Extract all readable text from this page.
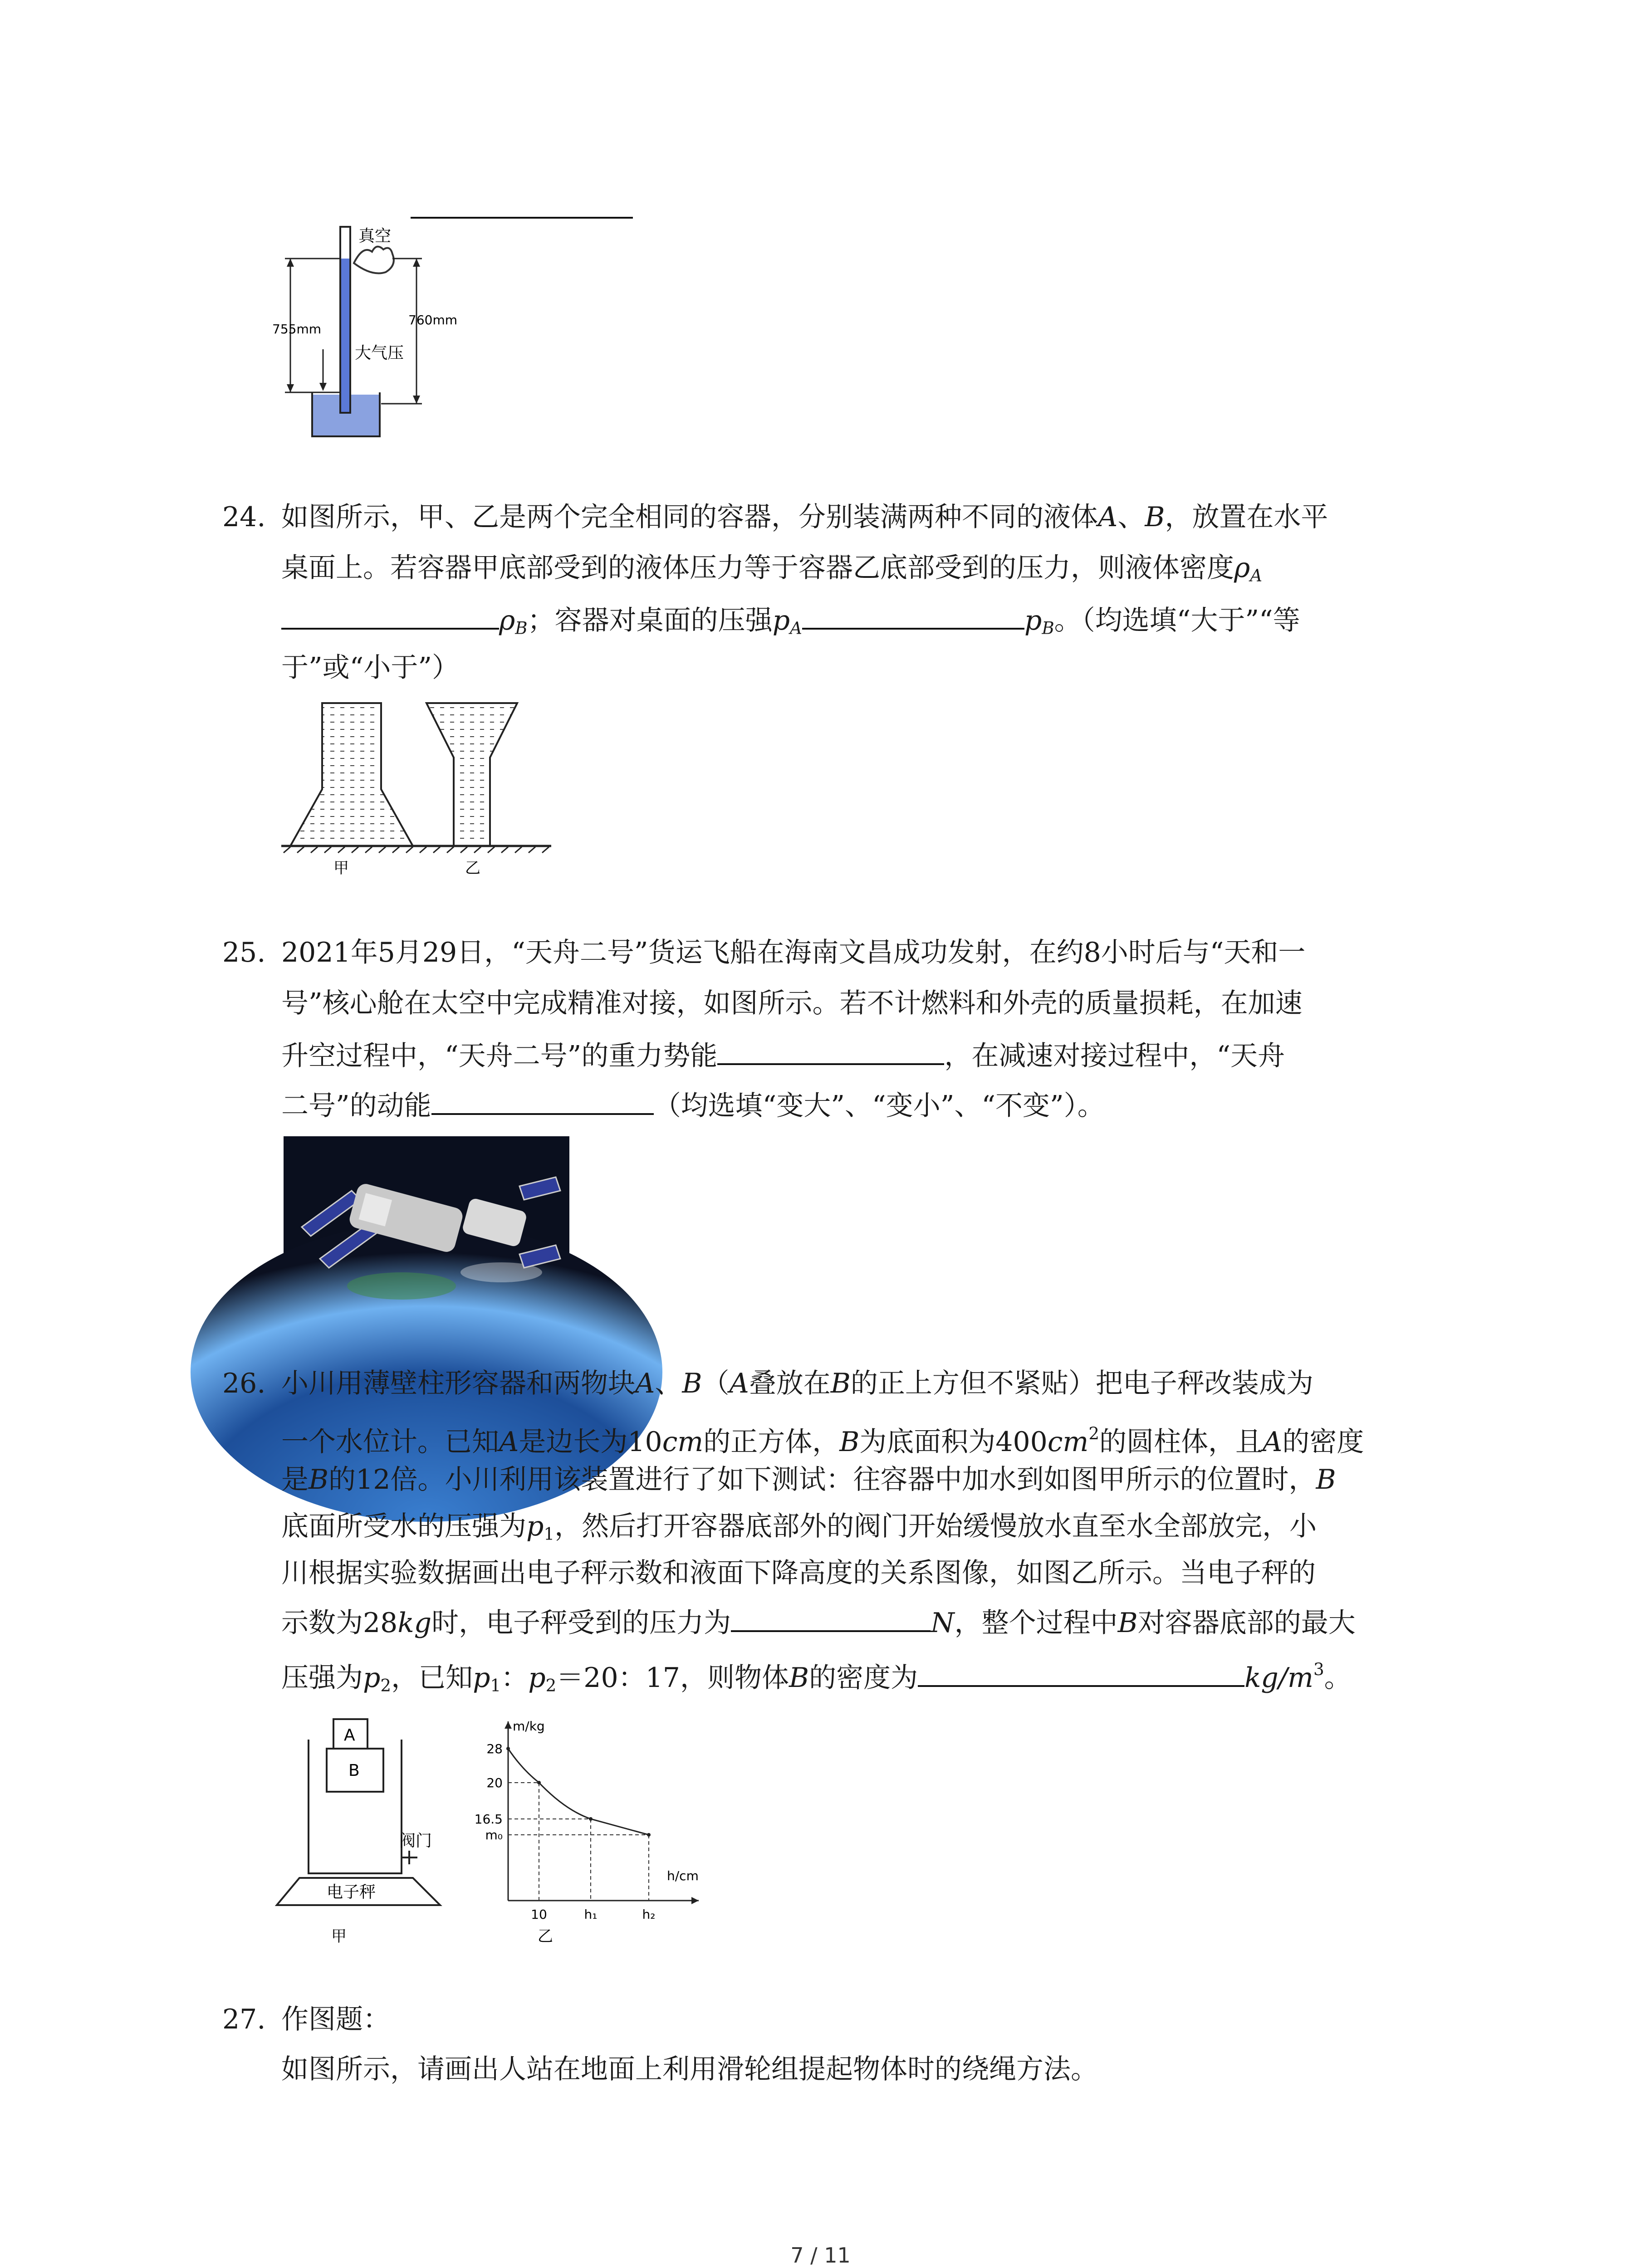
真空
755mm
760mm
大气压
24. 如图所示，甲、乙是两个完全相同的容器，分别装满两种不同的液体A、B，放置在水平
桌面上。若容器甲底部受到的液体压力等于容器乙底部受到的压力，则液体密度$\rho_A$
$\rho_B$；容器对桌面的压强$p_A$	$p_B$。（均选填“大于”“等
于”或“小于”）
甲	乙
25. 2021年5月29日，“天舟二号”货运飞船在海南文昌成功发射，在约8小时后与“天和一
号”核心舱在太空中完成精准对接，如图所示。若不计燃料和外壳的质量损耗，在加速
升空过程中，“天舟二号”的重力势能	，在减速对接过程中，“天舟
二号”的动能	（均选填“变大”、“变小”、“不变”）。
26. 小川用薄壁柱形容器和两物块A、B（A叠放在B的正上方但不紧贴）把电子秤改装成为
一个水位计。已知A是边长为10cm的正方体，B为底面积为$400cm^2$的圆柱体，且A的密度
是B的12倍。小川利用该装置进行了如下测试：往容器中加水到如图甲所示的位置时，B
底面所受水的压强为$p_1$，然后打开容器底部外的阀门开始缓慢放水直至水全部放完，小
川根据实验数据画出电子秤示数和液面下降高度的关系图像，如图乙所示。当电子秤的
示数为28kg时，电子秤受到的压力为	N，整个过程中B对容器底部的最大
压强为$p_2$，已知$p_1$：$p_2=20$：17，则物体B的密度为	$kg/m^3$。
A
B
阀门
电子秤
甲
m/kg
h/cm
28
20
16.5
m₀
10	h₁	h₂
乙
27. 作图题：
如图所示，请画出人站在地面上利用滑轮组提起物体时的绕绳方法。
7 / 11
